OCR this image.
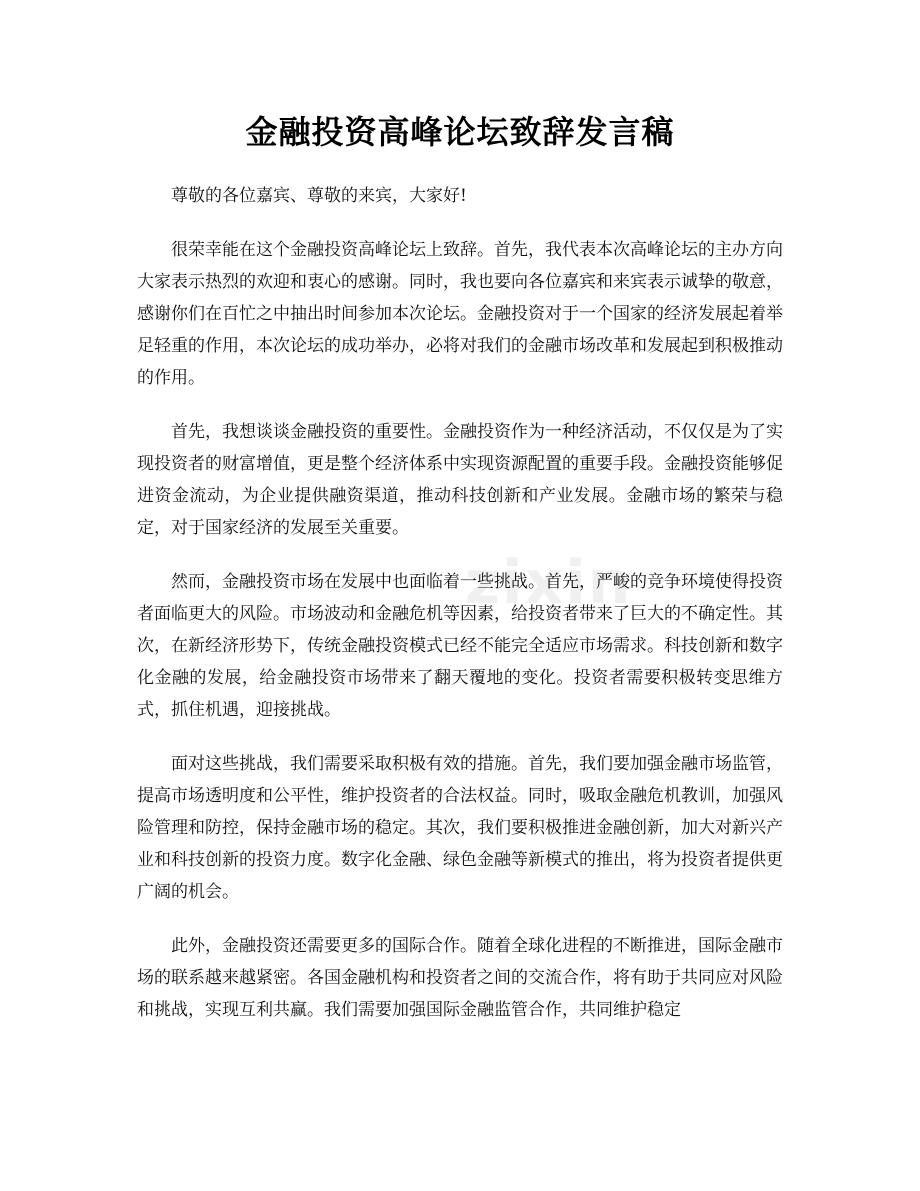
金融投资高峰论坛致辞发言稿
zixin

尊敬的各位嘉宾、尊敬的来宾，大家好!

很荣幸能在这个金融投资高峰论坛上致辞。首先，我代表本次高峰论坛的主办方向大家表示热烈的欢迎和衷心的感谢。同时，我也要向各位嘉宾和来宾表示诚挚的敬意，感谢你们在百忙之中抽出时间参加本次论坛。金融投资对于一个国家的经济发展起着举足轻重的作用，本次论坛的成功举办，必将对我们的金融市场改革和发展起到积极推动的作用。

首先，我想谈谈金融投资的重要性。金融投资作为一种经济活动，不仅仅是为了实现投资者的财富增值，更是整个经济体系中实现资源配置的重要手段。金融投资能够促进资金流动，为企业提供融资渠道，推动科技创新和产业发展。金融市场的繁荣与稳定，对于国家经济的发展至关重要。

然而，金融投资市场在发展中也面临着一些挑战。首先，严峻的竞争环境使得投资者面临更大的风险。市场波动和金融危机等因素，给投资者带来了巨大的不确定性。其次，在新经济形势下，传统金融投资模式已经不能完全适应市场需求。科技创新和数字化金融的发展，给金融投资市场带来了翻天覆地的变化。投资者需要积极转变思维方式，抓住机遇，迎接挑战。

面对这些挑战，我们需要采取积极有效的措施。首先，我们要加强金融市场监管，提高市场透明度和公平性，维护投资者的合法权益。同时，吸取金融危机教训，加强风险管理和防控，保持金融市场的稳定。其次，我们要积极推进金融创新，加大对新兴产业和科技创新的投资力度。数字化金融、绿色金融等新模式的推出，将为投资者提供更广阔的机会。

此外，金融投资还需要更多的国际合作。随着全球化进程的不断推进，国际金融市场的联系越来越紧密。各国金融机构和投资者之间的交流合作，将有助于共同应对风险和挑战，实现互利共赢。我们需要加强国际金融监管合作，共同维护稳定
